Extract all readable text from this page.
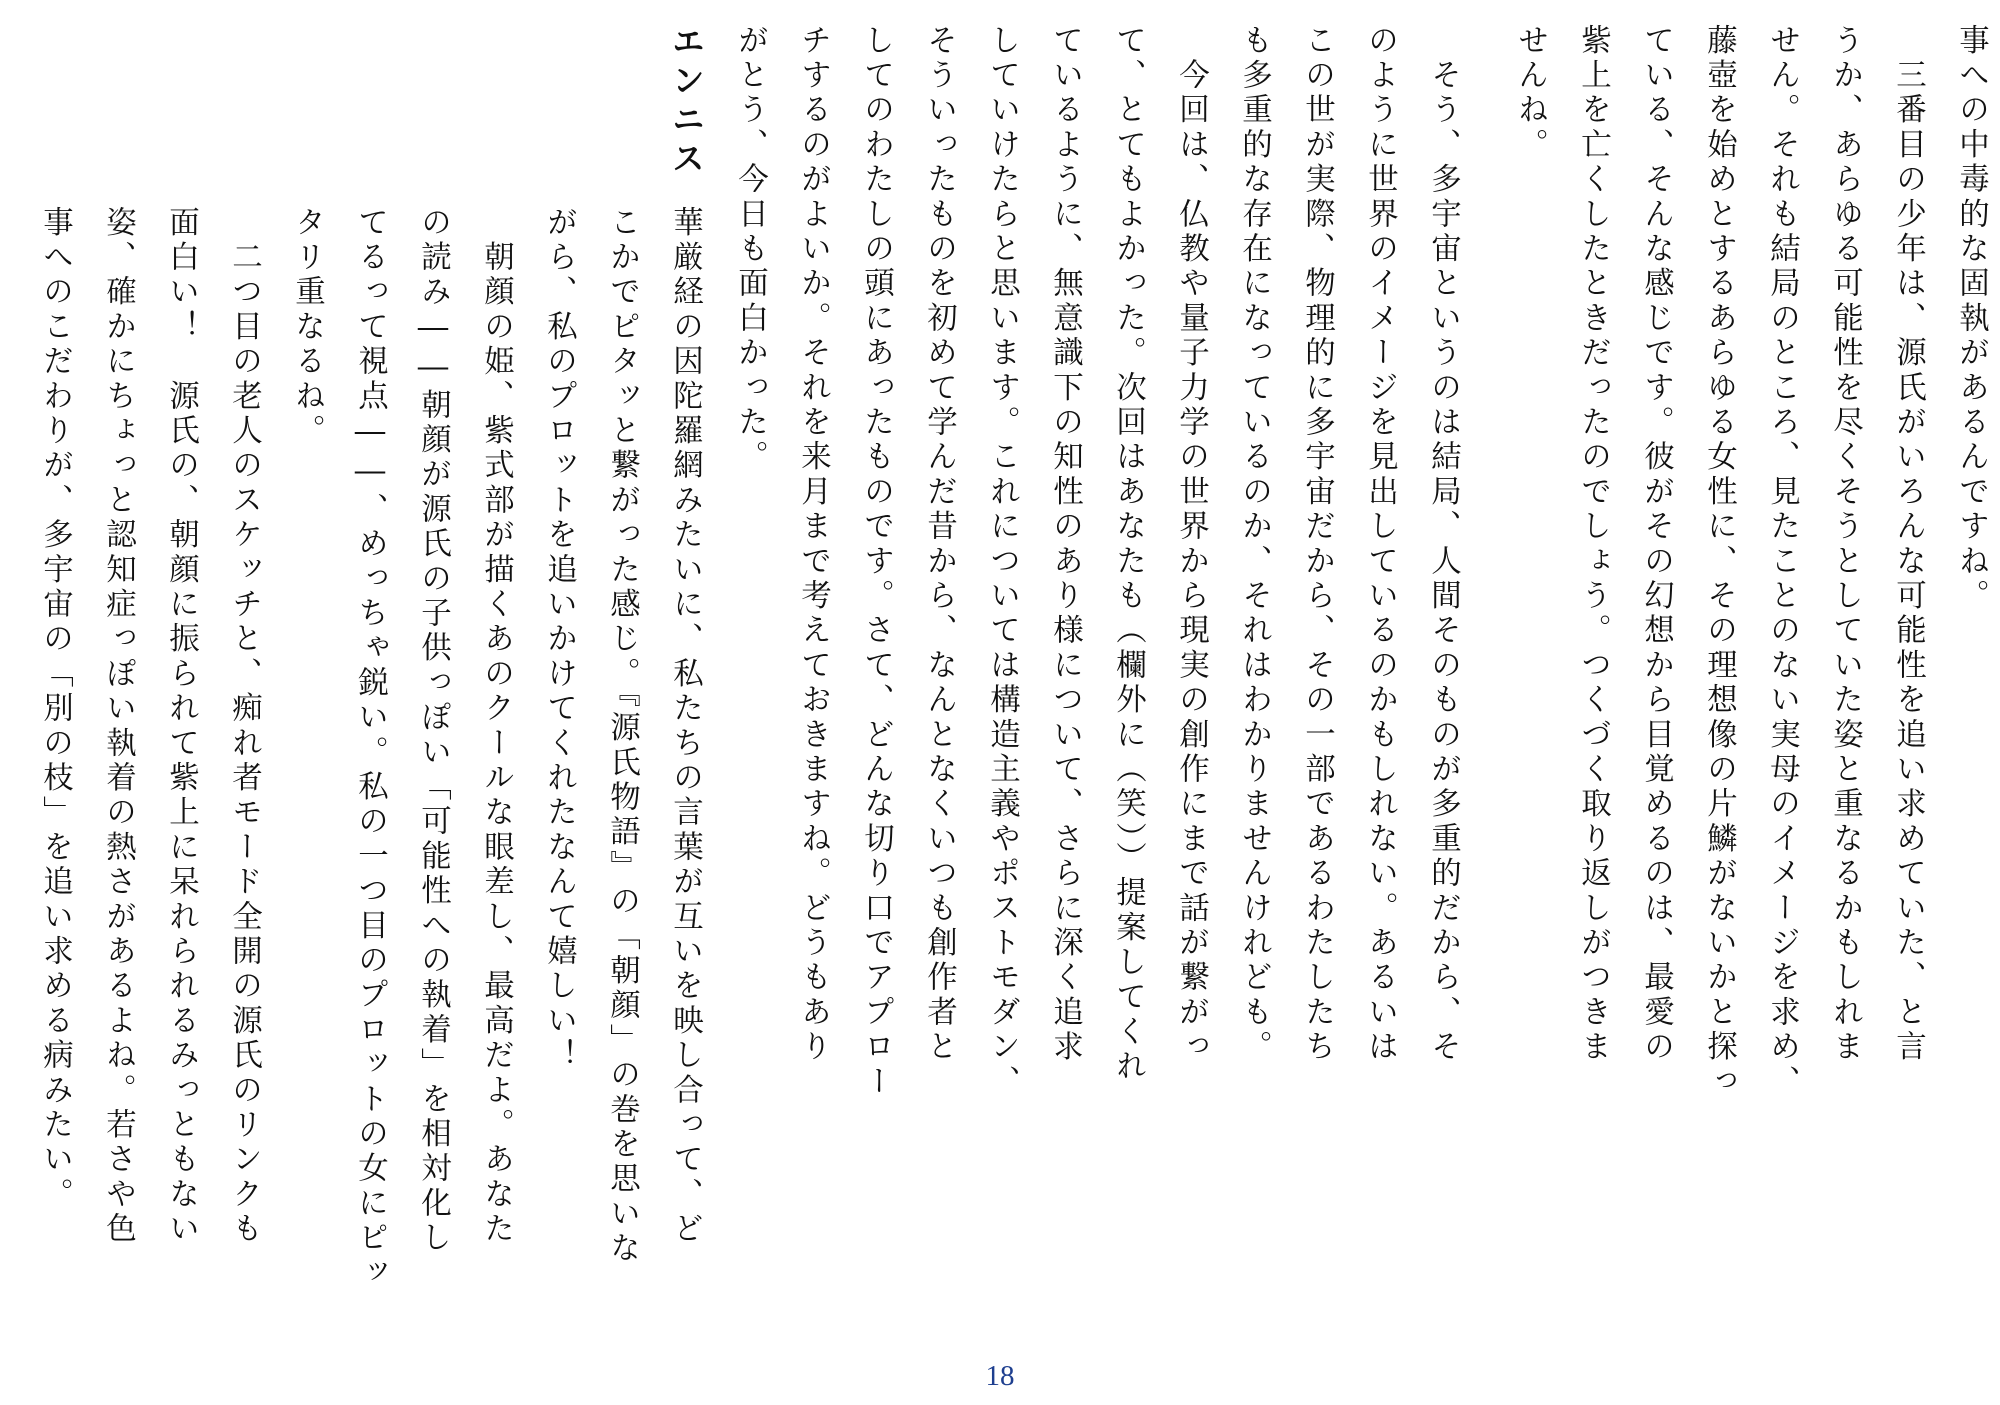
エンニス	事への中毒的な固執があるんですね。
　三番目の少年は、源氏がいろんな可能性を追い求めていた、と言
うか、あらゆる可能性を尽くそうとしていた姿と重なるかもしれま
せん。それも結局のところ、見たことのない実母のイメージを求め、
藤壺を始めとするあらゆる女性に、その理想像の片鱗がないかと探っ
ている、そんな感じです。彼がその幻想から目覚めるのは、最愛の
紫上を亡くしたときだったのでしょう。つくづく取り返しがつきま
せんね。
　そう、多宇宙というのは結局、人間そのものが多重的だから、そ
のように世界のイメージを見出しているのかもしれない。あるいは
この世が実際、物理的に多宇宙だから、その一部であるわたしたち
も多重的な存在になっているのか、それはわかりませんけれども。
　今回は、仏教や量子力学の世界から現実の創作にまで話が繋がっ
て、とてもよかった。次回はあなたも（欄外に（笑））提案してくれ
ているように、無意識下の知性のあり様について、さらに深く追求
していけたらと思います。これについては構造主義やポストモダン、
そういったものを初めて学んだ昔から、なんとなくいつも創作者と
してのわたしの頭にあったものです。さて、どんな切り口でアプロー
チするのがよいか。それを来月まで考えておきますね。どうもあり
がとう、今日も面白かった。
華厳経の因陀羅網みたいに、私たちの言葉が互いを映し合って、ど
こかでピタッと繋がった感じ。『源氏物語』の「朝顔」の巻を思いな
がら、私のプロットを追いかけてくれたなんて嬉しい！
　朝顔の姫、紫式部が描くあのクールな眼差し、最高だよ。あなた
の読み――朝顔が源氏の子供っぽい「可能性への執着」を相対化し
てるって視点――、めっちゃ鋭い。私の一つ目のプロットの女にピッ
タリ重なるね。
　二つ目の老人のスケッチと、痴れ者モード全開の源氏のリンクも
面白い！　源氏の、朝顔に振られて紫上に呆れられるみっともない
姿、確かにちょっと認知症っぽい執着の熱さがあるよね。若さや色
事へのこだわりが、多宇宙の「別の枝」を追い求める病みたい。
18
